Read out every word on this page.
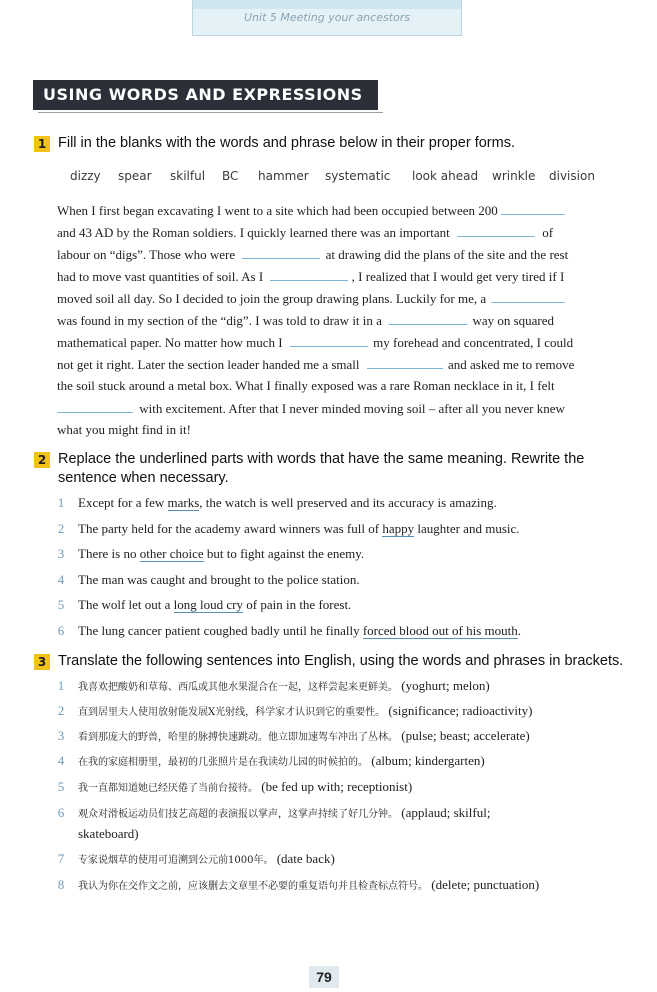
Unit 5 Meeting your ancestors
USING WORDS AND EXPRESSIONS
1 Fill in the blanks with the words and phrase below in their proper forms.
dizzy spear skilful BC hammer systematic look ahead wrinkle division
When I first began excavating I went to a site which had been occupied between 200
and 43 AD by the Roman soldiers. I quickly learned there was an important	of
labour on “digs”. Those who were	at drawing did the plans of the site and the rest
had to move vast quantities of soil. As I	, I realized that I would get very tired if I
moved soil all day. So I decided to join the group drawing plans. Luckily for me, a
was found in my section of the “dig”. I was told to draw it in a	way on squared
mathematical paper. No matter how much I	my forehead and concentrated, I could
not get it right. Later the section leader handed me a small	and asked me to remove
the soil stuck around a metal box. What I finally exposed was a rare Roman necklace in it, I felt
with excitement. After that I never minded moving soil – after all you never knew
what you might find in it!
2 Replace the underlined parts with words that have the same meaning. Rewrite the
sentence when necessary.
1 Except for a few marks, the watch is well preserved and its accuracy is amazing.
2 The party held for the academy award winners was full of happy laughter and music.
3 There is no other choice but to fight against the enemy.
4 The man was caught and brought to the police station.
5 The wolf let out a long loud cry of pain in the forest.
6 The lung cancer patient coughed badly until he finally forced blood out of his mouth.
3 Translate the following sentences into English, using the words and phrases in brackets.
1	我喜欢把酸奶和草莓、西瓜或其他水果混合在一起，这样尝起来更鲜美。 (yoghurt; melon)
2	直到居里夫人使用放射能发展X光射线，科学家才认识到它的重要性。 (significance; radioactivity)
3	看到那庞大的野兽，哈里的脉搏快速跳动。他立即加速驾车冲出了丛林。 (pulse; beast; accelerate)
4	在我的家庭相册里，最初的几张照片是在我读幼儿园的时候拍的。 (album; kindergarten)
5	我一直都知道她已经厌倦了当前台接待。 (be fed up with; receptionist)
6	观众对滑板运动员们技艺高超的表演报以掌声，这掌声持续了好几分钟。 (applaud; skilful;
skateboard)
7	专家说烟草的使用可追溯到公元前1000年。 (date back)
8	我认为你在交作文之前，应该删去文章里不必要的重复语句并且检查标点符号。 (delete; punctuation)
79
